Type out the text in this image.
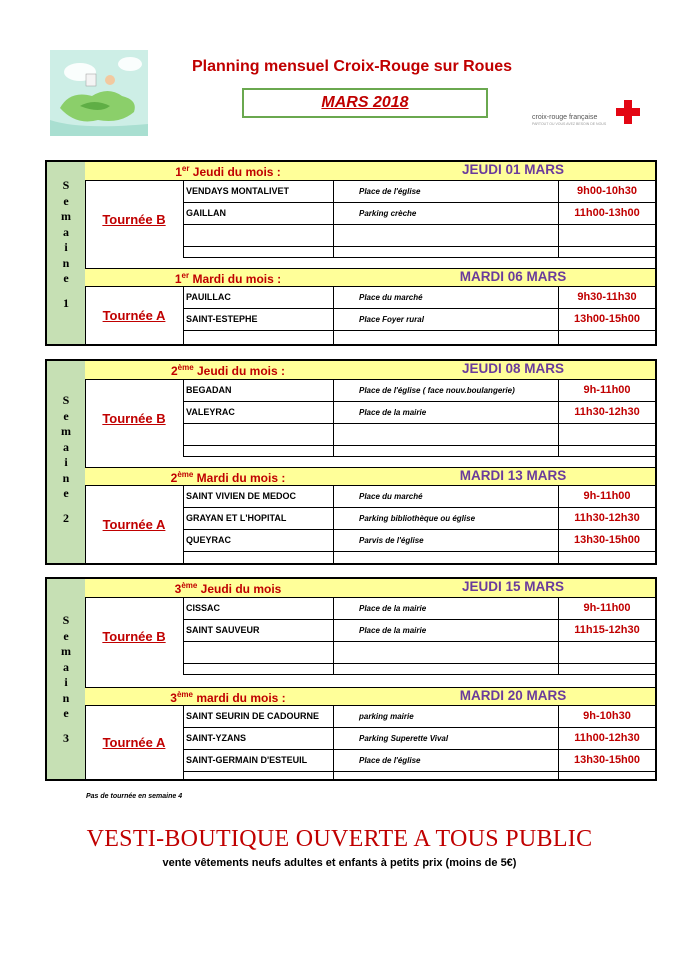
Planning mensuel Croix-Rouge sur Roues
MARS 2018
croix-rouge française
PARTOUT OU VOUS AVEZ BESOIN DE NOUS
S
e
m
a
i
n
e
1
1er Jeudi du mois :	JEUDI 01 MARS
Tournée B
VENDAYS MONTALIVET	Place de l'église	9h00-10h30
GAILLAN	Parking crèche	11h00-13h00
1er Mardi du mois :	MARDI 06 MARS
Tournée A
PAUILLAC	Place du marché	9h30-11h30
SAINT-ESTEPHE	Place Foyer rural	13h00-15h00
S
e
m
a
i
n
e
2
2ème Jeudi du mois :	JEUDI 08 MARS
Tournée B
BEGADAN	Place de l'église ( face nouv.boulangerie)	9h-11h00
VALEYRAC	Place de la mairie	11h30-12h30
2ème Mardi du mois :	MARDI 13 MARS
Tournée A
SAINT VIVIEN DE MEDOC	Place du marché	9h-11h00
GRAYAN ET L'HOPITAL	Parking bibliothèque ou église	11h30-12h30
QUEYRAC	Parvis de l'église	13h30-15h00
S
e
m
a
i
n
e
3
3ème Jeudi du mois	JEUDI 15 MARS
Tournée B
CISSAC	Place de la mairie	9h-11h00
SAINT SAUVEUR	Place de la mairie	11h15-12h30
3ème mardi du mois :	MARDI 20 MARS
Tournée A
SAINT SEURIN DE CADOURNE	parking mairie	9h-10h30
SAINT-YZANS	Parking Superette Vival	11h00-12h30
SAINT-GERMAIN D'ESTEUIL	Place de l'église	13h30-15h00
Pas de tournée en semaine 4
VESTI-BOUTIQUE OUVERTE A TOUS PUBLIC
vente vêtements neufs adultes et enfants à petits prix (moins de 5€)
